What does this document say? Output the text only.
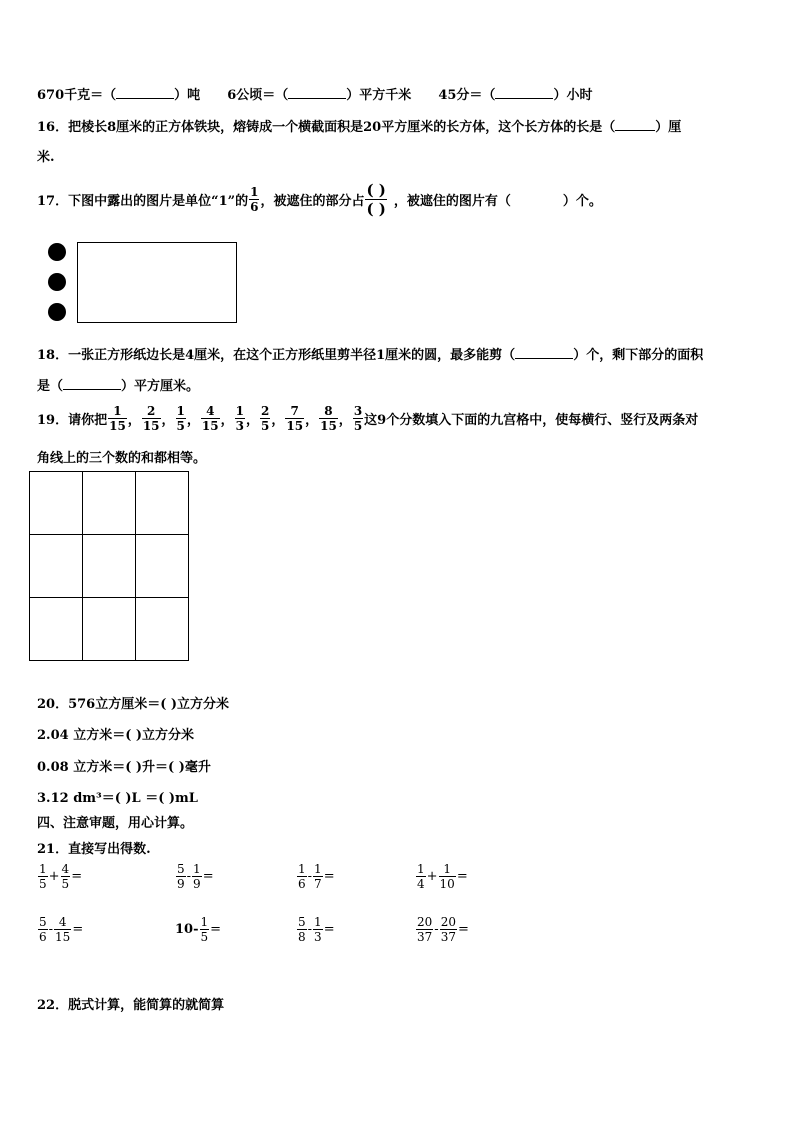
670千克＝（	）吨 6公顷＝（	）平方千米 45分＝（	）小时
16．把棱长8厘米的正方体铁块，熔铸成一个横截面积是20平方厘米的长方体，这个长方体的长是（	）厘
米.
17．下图中露出的图片是单位“1”的 $\frac{1}{6}$ ，被遮住的部分占 $\frac{( )}{( )}$ ，被遮住的图片有（	）个。
18．一张正方形纸边长是4厘米，在这个正方形纸里剪半径1厘米的圆，最多能剪（	）个，剩下部分的面积
是（	）平方厘米。
19．请你把 $\frac{1}{15}$ ， $\frac{2}{15}$ ， $\frac{1}{5}$ ， $\frac{4}{15}$ ， $\frac{1}{3}$ ， $\frac{2}{5}$ ， $\frac{7}{15}$ ， $\frac{8}{15}$ ， $\frac{3}{5}$ 这9个分数填入下面的九宫格中，使每横行、竖行及两条对
角线上的三个数的和都相等。

20．576立方厘米＝( )立方分米
2.04 立方米＝( )立方分米
0.08 立方米＝( )升＝( )毫升
3.12 dm³＝( )L ＝( )mL
四、注意审题，用心计算。
21．直接写出得数.
$\frac{1}{5} + \frac{4}{5}$ =	$\frac{5}{9} - \frac{1}{9}$ =	$\frac{1}{6} - \frac{1}{7}$ =	$\frac{1}{4} + \frac{1}{10}$ =
$\frac{5}{6} - \frac{4}{15}$ =	$10- \frac{1}{5}$ =	$\frac{5}{8} - \frac{1}{3}$ =	$\frac{20}{37} - \frac{20}{37}$ =
22．脱式计算，能简算的就简算
